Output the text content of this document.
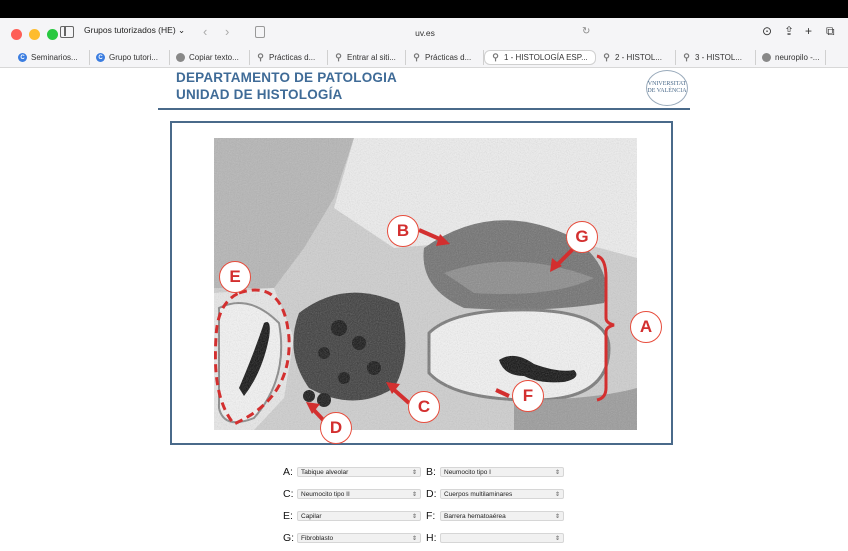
Grupos tutorizados (HE) ⌄ ‹ ›	uv.es	↻	⊙ ⇪ + ⧉
C Seminarios...	C Grupo tutori...	Copiar texto... ⚲ Prácticas d... ⚲ Entrar al siti... ⚲ Prácticas d... ⚲ 1 - HISTOLOGÍA ESP... ⚲ 2 - HISTOL... ⚲ 3 - HISTOL...	neuropilo -...
DEPARTAMENTO DE PATOLOGIA
UNIDAD DE HISTOLOGÍA
VNIVERSITAT
DE VALÈNCIA
B	G
E
A
C
F
D
A:	Tabique alveolar	⇕ B:	Neumocito tipo I	⇕
C:	Neumocito tipo II	⇕ D:	Cuerpos multilaminares	⇕
E:	Capilar	⇕ F:	Barrera hematoaérea	⇕
G:	Fibroblasto	⇕ H:	⇕
